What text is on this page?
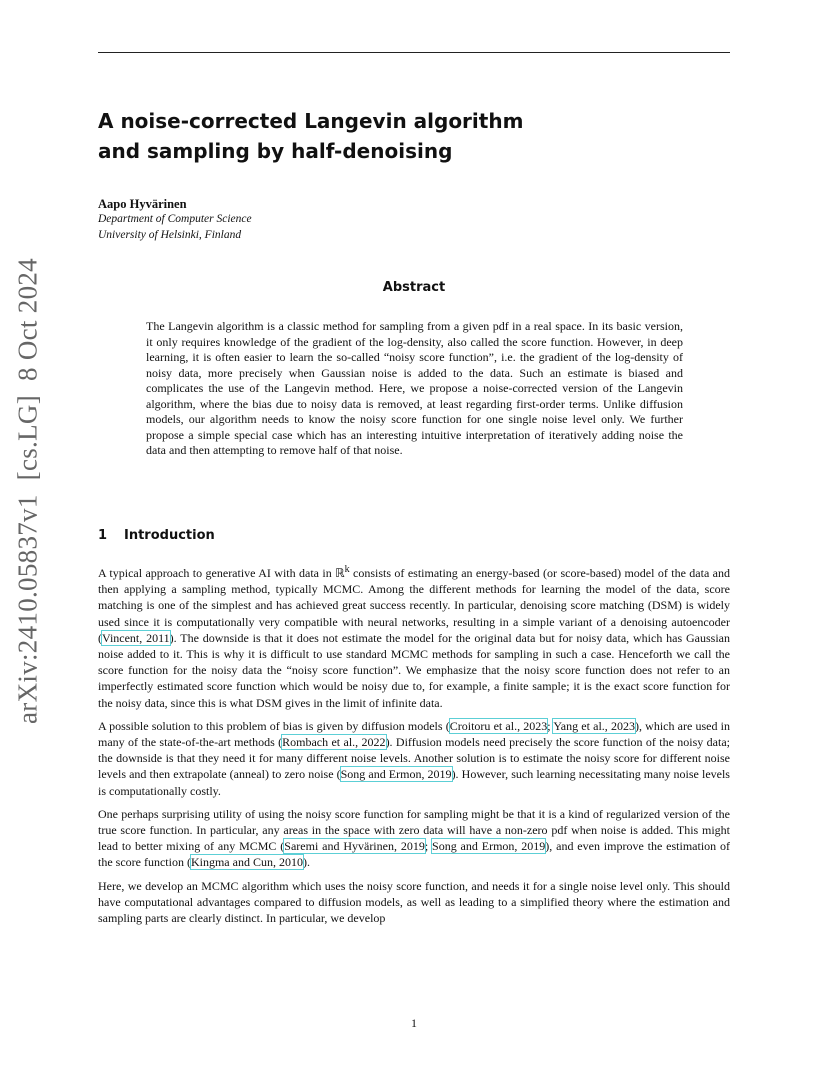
arXiv:2410.05837v1[cs.LG]8 Oct 2024
A noise-corrected Langevin algorithm
and sampling by half-denoising
Aapo Hyvärinen
Department of Computer Science
University of Helsinki, Finland
Abstract
The Langevin algorithm is a classic method for sampling from a given pdf in a real space. In its basic version, it only requires knowledge of the gradient of the log-density, also called the score function. However, in deep learning, it is often easier to learn the so-called “noisy score function”, i.e. the gradient of the log-density of noisy data, more precisely when Gaussian noise is added to the data. Such an estimate is biased and complicates the use of the Langevin method. Here, we propose a noise-corrected version of the Langevin algorithm, where the bias due to noisy data is removed, at least regarding first-order terms. Unlike diffusion models, our algorithm needs to know the noisy score function for one single noise level only. We further propose a simple special case which has an interesting intuitive interpretation of iteratively adding noise the data and then attempting to remove half of that noise.
1 Introduction

A typical approach to generative AI with data in ℝ$^k$ consists of estimating an energy-based (or score-based) model of the data and then applying a sampling method, typically MCMC. Among the different methods for learning the model of the data, score matching is one of the simplest and has achieved great success recently. In particular, denoising score matching (DSM) is widely used since it is computationally very compatible with neural networks, resulting in a simple variant of a denoising autoencoder (Vincent, 2011). The downside is that it does not estimate the model for the original data but for noisy data, which has Gaussian noise added to it. This is why it is difficult to use standard MCMC methods for sampling in such a case. Henceforth we call the score function for the noisy data the “noisy score function”. We emphasize that the noisy score function does not refer to an imperfectly estimated score function which would be noisy due to, for example, a finite sample; it is the exact score function for the noisy data, since this is what DSM gives in the limit of infinite data.

A possible solution to this problem of bias is given by diffusion models (Croitoru et al., 2023; Yang et al., 2023), which are used in many of the state-of-the-art methods (Rombach et al., 2022). Diffusion models need precisely the score function of the noisy data; the downside is that they need it for many different noise levels. Another solution is to estimate the noisy score for different noise levels and then extrapolate (anneal) to zero noise (Song and Ermon, 2019). However, such learning necessitating many noise levels is computationally costly.

One perhaps surprising utility of using the noisy score function for sampling might be that it is a kind of regularized version of the true score function. In particular, any areas in the space with zero data will have a non-zero pdf when noise is added. This might lead to better mixing of any MCMC (Saremi and Hyvärinen, 2019; Song and Ermon, 2019), and even improve the estimation of the score function (Kingma and Cun, 2010).

Here, we develop an MCMC algorithm which uses the noisy score function, and needs it for a single noise level only. This should have computational advantages compared to diffusion models, as well as leading to a simplified theory where the estimation and sampling parts are clearly distinct. In particular, we develop

1
